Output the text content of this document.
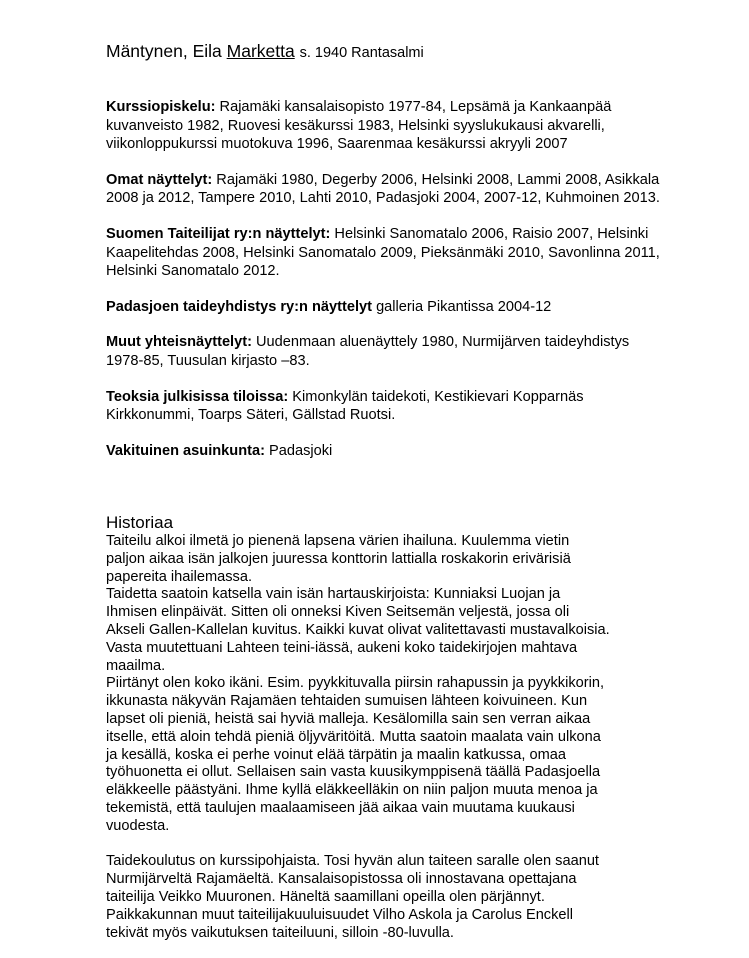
Mäntynen, Eila Marketta s. 1940 Rantasalmi

Kurssiopiskelu: Rajamäki kansalaisopisto 1977-84, Lepsämä ja Kankaanpää kuvanveisto 1982, Ruovesi kesäkurssi 1983, Helsinki syyslukukausi akvarelli, viikonloppukurssi muotokuva 1996, Saarenmaa kesäkurssi akryyli 2007

Omat näyttelyt: Rajamäki 1980, Degerby 2006, Helsinki 2008, Lammi 2008, Asikkala 2008 ja 2012, Tampere 2010, Lahti 2010, Padasjoki 2004, 2007-12, Kuhmoinen 2013.

Suomen Taiteilijat ry:n näyttelyt: Helsinki Sanomatalo 2006, Raisio 2007, Helsinki Kaapelitehdas 2008, Helsinki Sanomatalo 2009, Pieksänmäki 2010, Savonlinna 2011, Helsinki Sanomatalo 2012.

Padasjoen taideyhdistys ry:n näyttelyt galleria Pikantissa 2004-12

Muut yhteisnäyttelyt: Uudenmaan aluenäyttely 1980, Nurmijärven taideyhdistys 1978-85, Tuusulan kirjasto –83.

Teoksia julkisissa tiloissa: Kimonkylän taidekoti, Kestikievari Kopparnäs Kirkkonummi, Toarps Säteri, Gällstad Ruotsi.

Vakituinen asuinkunta: Padasjoki

Historiaa
Taiteilu alkoi ilmetä jo pienenä lapsena värien ihailuna. Kuulemma vietin
paljon aikaa isän jalkojen juuressa konttorin lattialla roskakorin erivärisiä
papereita ihailemassa.
Taidetta saatoin katsella vain isän hartauskirjoista: Kunniaksi Luojan ja
Ihmisen elinpäivät. Sitten oli onneksi Kiven Seitsemän veljestä, jossa oli
Akseli Gallen-Kallelan kuvitus. Kaikki kuvat olivat valitettavasti mustavalkoisia.
Vasta muutettuani Lahteen teini-iässä, aukeni koko taidekirjojen mahtava
maailma.
Piirtänyt olen koko ikäni. Esim. pyykkituvalla piirsin rahapussin ja pyykkikorin,
ikkunasta näkyvän Rajamäen tehtaiden sumuisen lähteen koivuineen. Kun
lapset oli pieniä, heistä sai hyviä malleja. Kesälomilla sain sen verran aikaa
itselle, että aloin tehdä pieniä öljyväritöitä. Mutta saatoin maalata vain ulkona
ja kesällä, koska ei perhe voinut elää tärpätin ja maalin katkussa, omaa
työhuonetta ei ollut. Sellaisen sain vasta kuusikymppisenä täällä Padasjoella
eläkkeelle päästyäni. Ihme kyllä eläkkeelläkin on niin paljon muuta menoa ja
tekemistä, että taulujen maalaamiseen jää aikaa vain muutama kuukausi
vuodesta.
Taidekoulutus on kurssipohjaista. Tosi hyvän alun taiteen saralle olen saanut
Nurmijärveltä Rajamäeltä. Kansalaisopistossa oli innostavana opettajana
taiteilija Veikko Muuronen. Häneltä saamillani opeilla olen pärjännyt.
Paikkakunnan muut taiteilijakuuluisuudet Vilho Askola ja Carolus Enckell
tekivät myös vaikutuksen taiteiluuni, silloin -80-luvulla.
